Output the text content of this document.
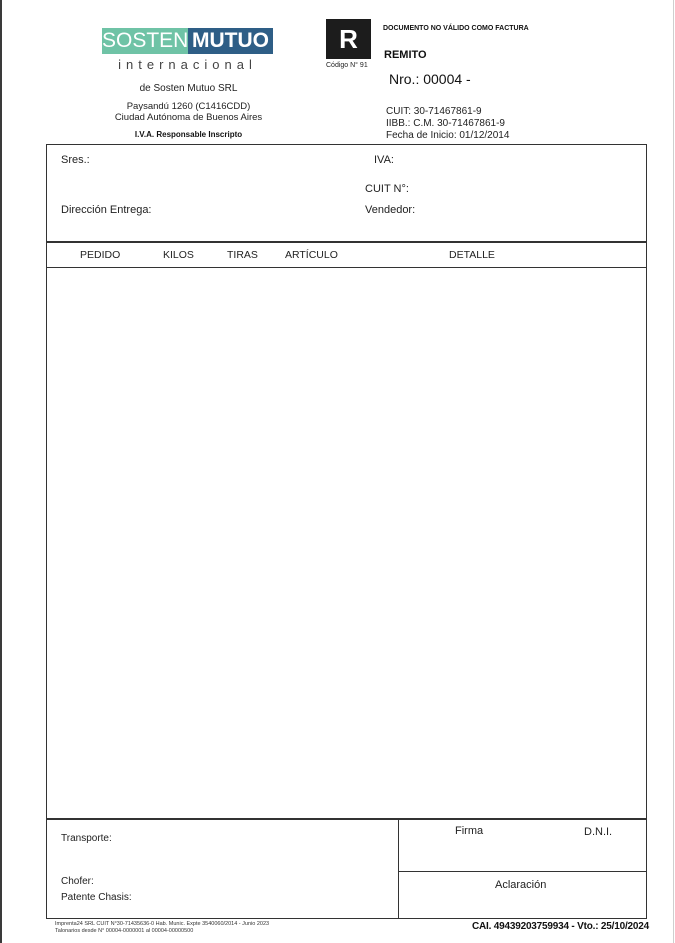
SOSTEN MUTUO
internacional
de Sosten Mutuo SRL
Paysandú 1260 (C1416CDD)
Ciudad Autónoma de Buenos Aires
I.V.A. Responsable Inscripto
R
Código N° 91
DOCUMENTO NO VÁLIDO COMO FACTURA
REMITO
Nro.: 00004 -
CUIT: 30-71467861-9
IIBB.: C.M. 30-71467861-9
Fecha de Inicio: 01/12/2014
Sres.:	IVA:
CUIT N°:
Dirección Entrega:	Vendedor:
PEDIDO	KILOS	TIRAS	ARTÍCULO	DETALLE
Transporte:
Chofer:
Patente Chasis:
Firma	D.N.I.
Aclaración
Imprenta24 SRL CUIT N°30-71435636-0 Hab. Munic. Expte 3540060/2014 - Junio 2023
Talonarios desde N° 00004-0000001 al 00004-00000500	CAI. 49439203759934 - Vto.: 25/10/2024
